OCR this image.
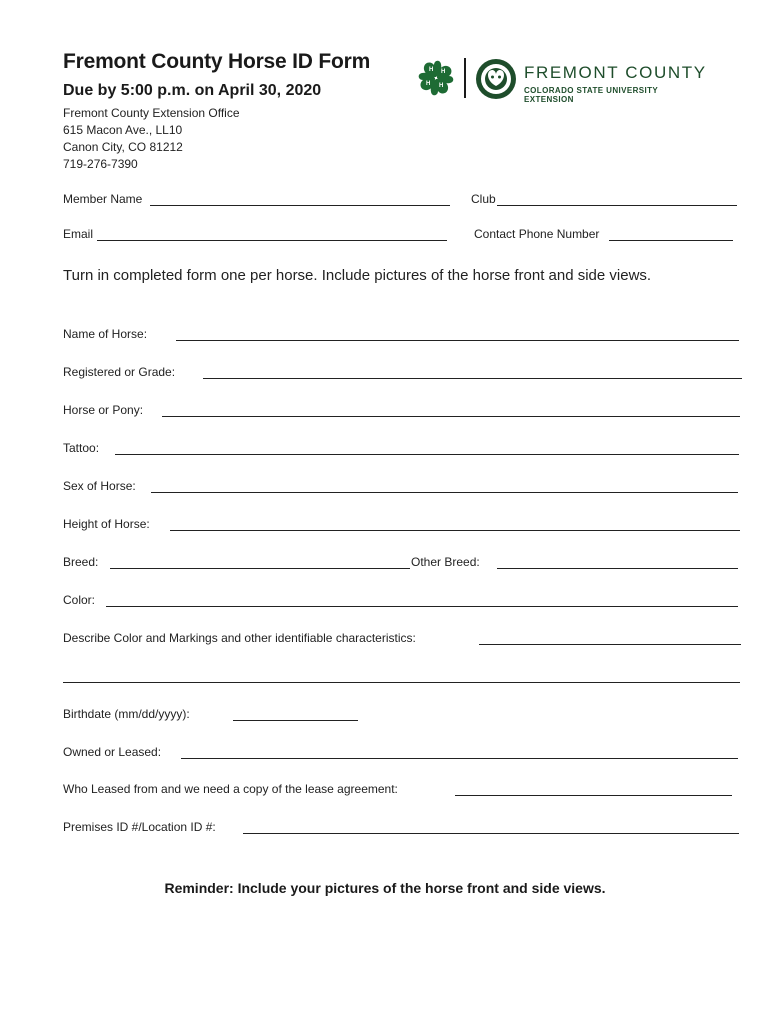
Fremont County Horse ID Form
Due by 5:00 p.m. on April 30, 2020
Fremont County Extension Office
615 Macon Ave., LL10
Canon City, CO 81212
719-276-7390
H H
H
H
FREMONT COUNTY
COLORADO STATE UNIVERSITY
EXTENSION
Member Name	Club
Email	Contact Phone Number
Turn in completed form one per horse. Include pictures of the horse front and side views.
Name of Horse:
Registered or Grade:
Horse or Pony:
Tattoo:
Sex of Horse:
Height of Horse:
Breed:	Other Breed:
Color:
Describe Color and Markings and other identifiable characteristics:
Birthdate (mm/dd/yyyy):
Owned or Leased:
Who Leased from and we need a copy of the lease agreement:
Premises ID #/Location ID #:
Reminder: Include your pictures of the horse front and side views.
